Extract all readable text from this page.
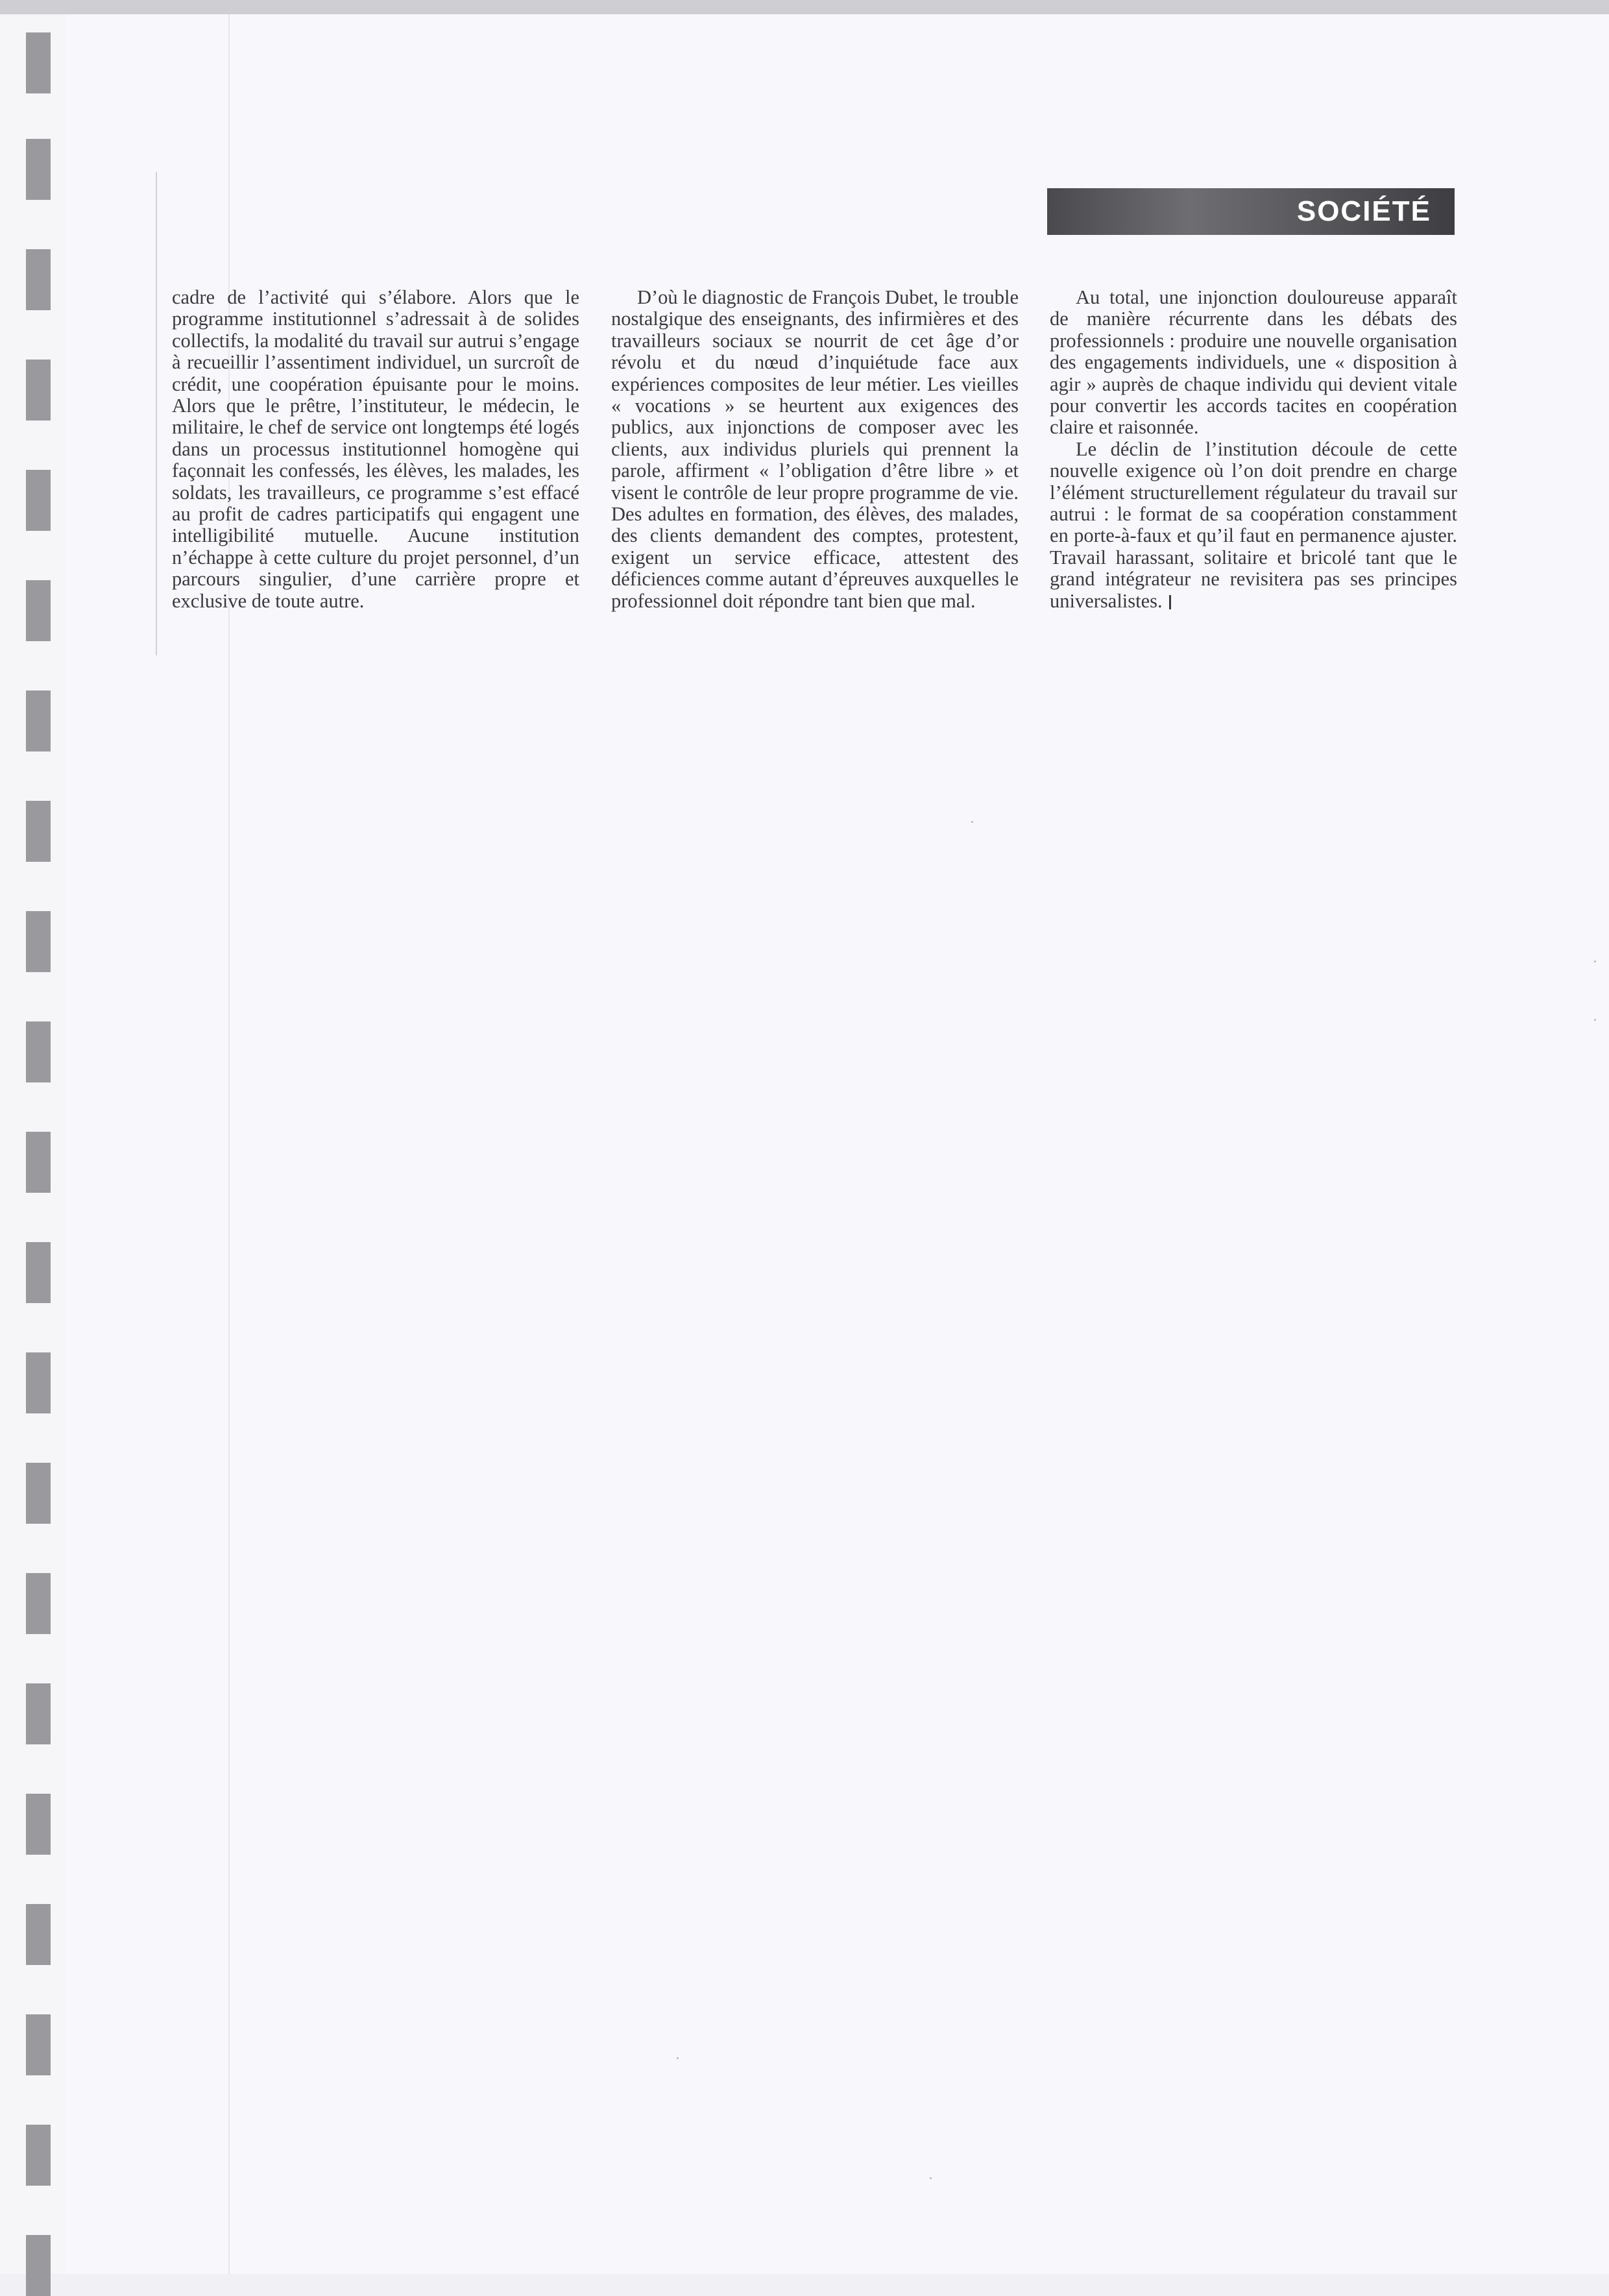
SOCIÉTÉ

cadre de l’activité qui s’élabore. Alors que le programme institutionnel s’adressait à de solides collectifs, la modalité du travail sur autrui s’engage à recueillir l’assentiment individuel, un surcroît de crédit, une coopération épuisante pour le moins. Alors que le prêtre, l’instituteur, le médecin, le militaire, le chef de service ont longtemps été logés dans un processus institutionnel homogène qui façonnait les confessés, les élèves, les malades, les soldats, les travailleurs, ce programme s’est effacé au profit de cadres participatifs qui engagent une intelligibilité mutuelle. Aucune institution n’échappe à cette culture du projet personnel, d’un parcours singulier, d’une carrière propre et exclusive de toute autre.

D’où le diagnostic de François Dubet, le trouble nostalgique des enseignants, des infirmières et des travailleurs sociaux se nourrit de cet âge d’or révolu et du nœud d’inquiétude face aux expériences composites de leur métier. Les vieilles « vocations » se heurtent aux exigences des publics, aux injonctions de composer avec les clients, aux individus pluriels qui prennent la parole, affirment « l’obligation d’être libre » et visent le contrôle de leur propre programme de vie. Des adultes en formation, des élèves, des malades, des clients demandent des comptes, protestent, exigent un service efficace, attestent des déficiences comme autant d’épreuves auxquelles le professionnel doit répondre tant bien que mal.

Au total, une injonction douloureuse apparaît de manière récurrente dans les débats des professionnels : produire une nouvelle organisation des engagements individuels, une « disposition à agir » auprès de chaque individu qui devient vitale pour convertir les accords tacites en coopération claire et raisonnée.

Le déclin de l’institution découle de cette nouvelle exigence où l’on doit prendre en charge l’élément structurellement régulateur du travail sur autrui : le format de sa coopération constamment en porte-à-faux et qu’il faut en permanence ajuster. Travail harassant, solitaire et bricolé tant que le grand intégrateur ne revisitera pas ses principes universalistes.
